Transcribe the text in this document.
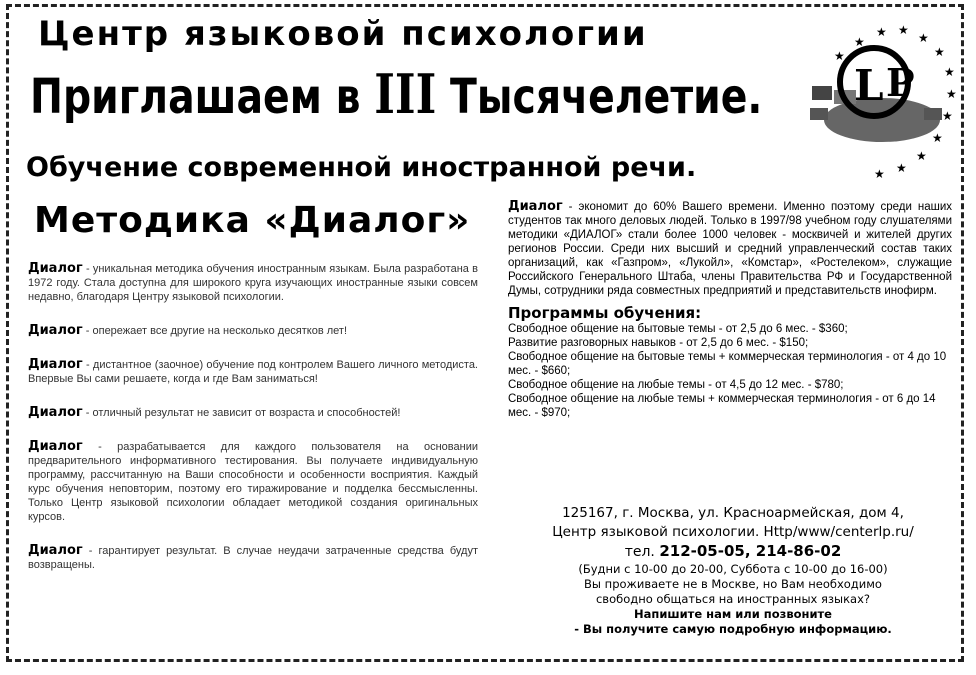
Центр языковой психологии
Приглашаем в III Тысячелетие.
Обучение современной иностранной речи.
★ ★
★
★
★
★
★
★
★
★
★
★
★
L P
Методика «Диалог»

Диалог - уникальная методика обучения иностранным языкам. Была разработана в 1972 году. Стала доступна для широкого круга изучающих иностранные языки совсем недавно, благодаря Центру языковой психологии.

Диалог - опережает все другие на несколько десятков лет!

Диалог - дистантное (заочное) обучение под контролем Вашего личного методиста. Впервые Вы сами решаете, когда и где Вам заниматься!

Диалог - отличный результат не зависит от возраста и способностей!

Диалог - разрабатывается для каждого пользователя на основании предварительного информативного тестирования. Вы получаете индивидуальную программу, рассчитанную на Ваши способности и особенности восприятия. Каждый курс обучения неповторим, поэтому его тиражирование и подделка бессмысленны. Только Центр языковой психологии обладает методикой создания оригинальных курсов.

Диалог - гарантирует результат. В случае неудачи затраченные средства будут возвращены.

Диалог - экономит до 60% Вашего времени. Именно поэтому среди наших студентов так много деловых людей. Только в 1997/98 учебном году слушателями методики «ДИАЛОГ» стали более 1000 человек - москвичей и жителей других регионов России. Среди них высший и средний управленческий состав таких организаций, как «Газпром», «Лукойл», «Комстар», «Ростелеком», служащие Российского Генерального Штаба, члены Правительства РФ и Государственной Думы, сотрудники ряда совместных предприятий и представительств инофирм.

Программы обучения:
Свободное общение на бытовые темы - от 2,5 до 6 мес. - $360;
Развитие разговорных навыков - от 2,5 до 6 мес. - $150;
Свободное общение на бытовые темы + коммерческая терминология - от 4 до 10 мес. - $660;
Свободное общение на любые темы - от 4,5 до 12 мес. - $780;
Свободное общение на любые темы + коммерческая терминология - от 6 до 14 мес. - $970;
125167, г. Москва, ул. Красноармейская, дом 4,
Центр языковой психологии. Http/www/centerlp.ru/
тел. 212-05-05, 214-86-02
(Будни с 10-00 до 20-00, Суббота с 10-00 до 16-00)
Вы проживаете не в Москве, но Вам необходимо свободно общаться на иностранных языках?
Напишите нам или позвоните
- Вы получите самую подробную информацию.
